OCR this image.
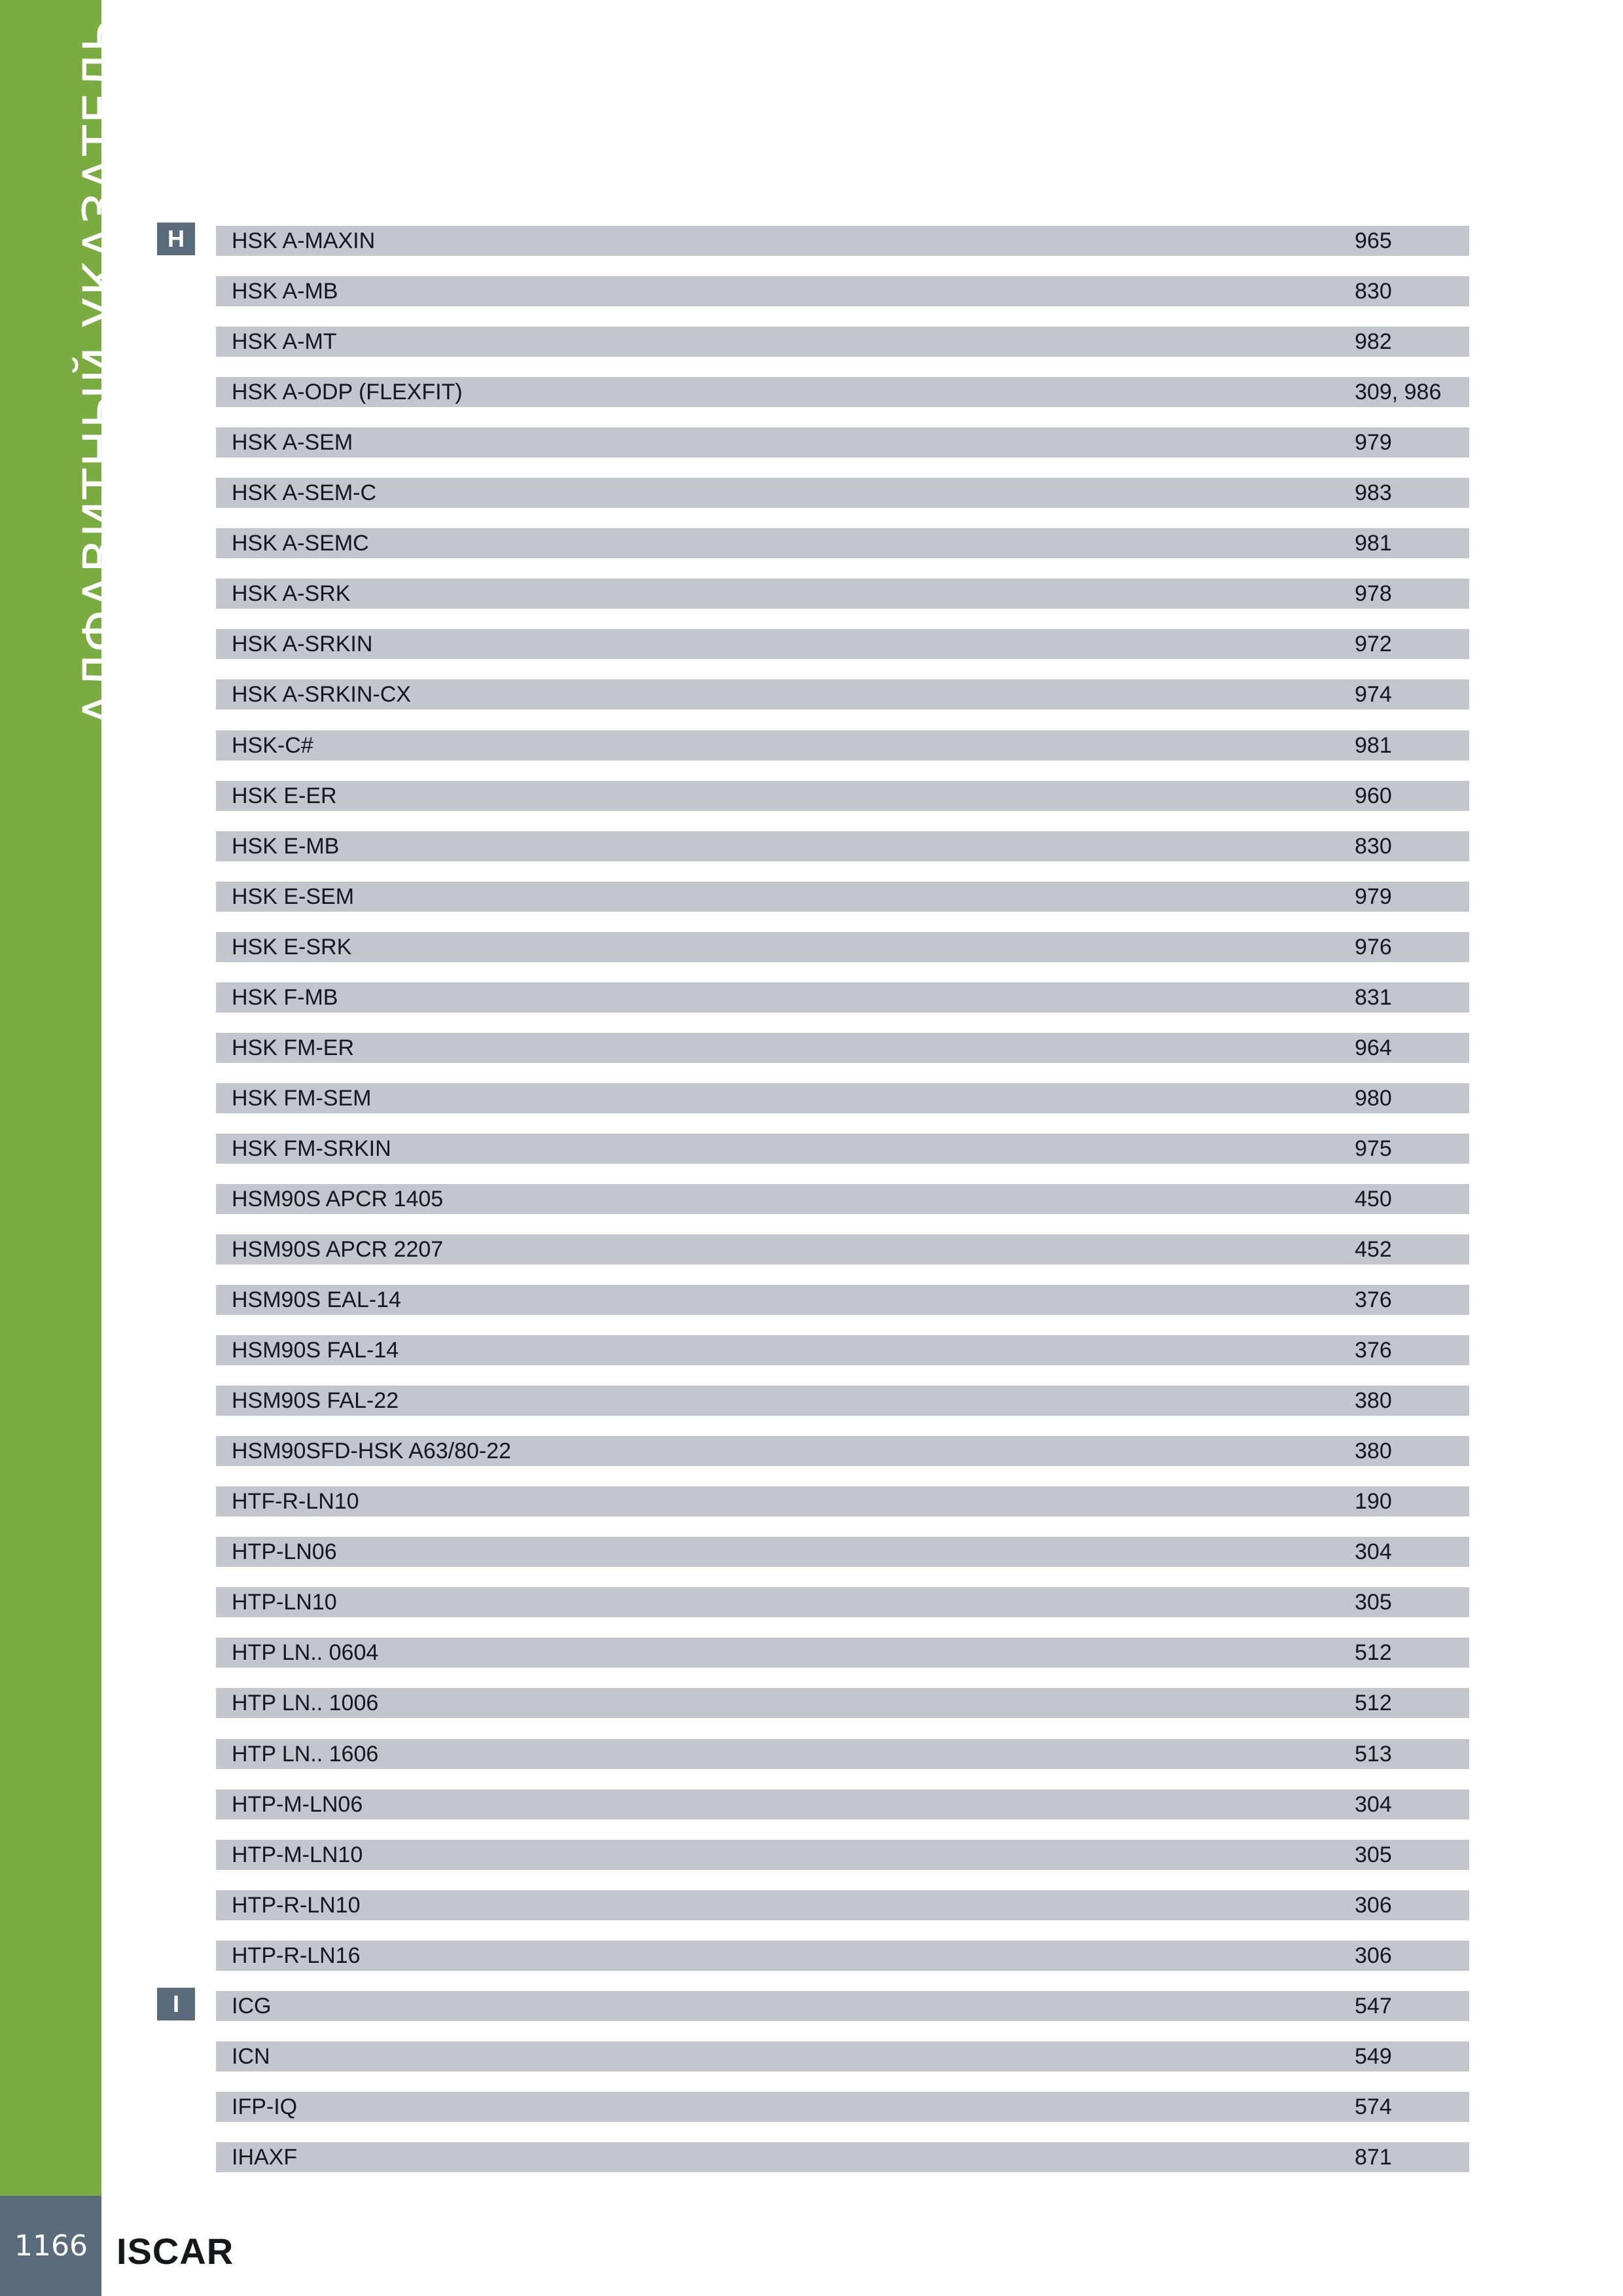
АЛФАВИТНЫЙ УКАЗАТЕЛЬ
1166 ISCAR
H
I
HSK A-MAXIN	965
HSK A-MB	830
HSK A-MT	982
HSK A-ODP (FLEXFIT)	309, 986
HSK A-SEM	979
HSK A-SEM-C	983
HSK A-SEMC	981
HSK A-SRK	978
HSK A-SRKIN	972
HSK A-SRKIN-CX	974
HSK-C#	981
HSK E-ER	960
HSK E-MB	830
HSK E-SEM	979
HSK E-SRK	976
HSK F-MB	831
HSK FM-ER	964
HSK FM-SEM	980
HSK FM-SRKIN	975
HSM90S APCR 1405	450
HSM90S APCR 2207	452
HSM90S EAL-14	376
HSM90S FAL-14	376
HSM90S FAL-22	380
HSM90SFD-HSK A63/80-22	380
HTF-R-LN10	190
HTP-LN06	304
HTP-LN10	305
HTP LN.. 0604	512
HTP LN.. 1006	512
HTP LN.. 1606	513
HTP-M-LN06	304
HTP-M-LN10	305
HTP-R-LN10	306
HTP-R-LN16	306
ICG	547
ICN	549
IFP-IQ	574
IHAXF	871
